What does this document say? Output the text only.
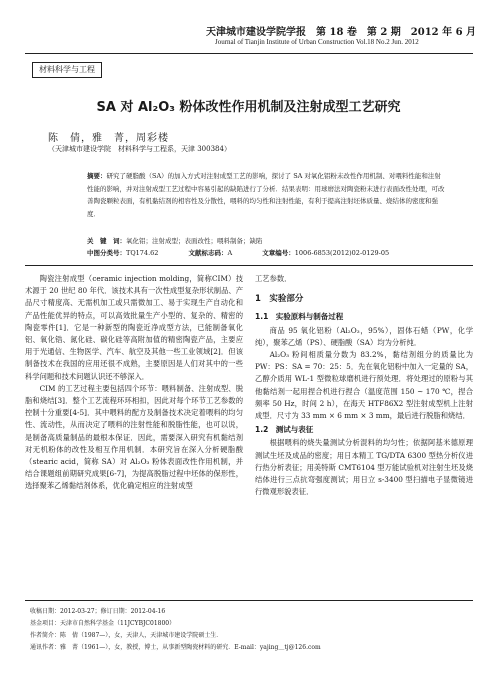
天津城市建设学院学报　第 18 卷　第 2 期　2012 年 6 月
Journal of Tianjin Institute of Urban Construction Vol.18 No.2 Jun. 2012
材料科学与工程
SA 对 Al₂O₃ 粉体改性作用机制及注射成型工艺研究
陈　倩，雅　菁，周彩楼
（天津城市建设学院　材料科学与工程系，天津 300384）
摘要：研究了硬脂酸（SA）的加入方式对注射成型工艺的影响，探讨了 SA 对氧化铝粉末改性作用机制、对喂料性能和注射性能的影响，并对注射成型工艺过程中容易引起的缺陷进行了分析．结果表明：用球磨法对陶瓷粉末进行表面改性处理，可改善陶瓷颗粒表面，有机黏结剂的相容性及分散性，喂料的均匀性和注射性能，有利于提高注射坯体质量、烧结体的密度和强度．
关　键　词：氧化铝；注射成型；表面改性；喂料制备；缺陷
中图分类号：TQ174.62	文献标志码：A	文章编号：1006-6853(2012)02-0129-05

陶瓷注射成型（ceramic injection molding，简称CIM）技术源于 20 世纪 80 年代．该技术具有一次性成型复杂形状制品、产品尺寸精度高、无需机加工或只需微加工、易于实现生产自动化和产品性能优异的特点，可以高效批量生产小型的、复杂的、精密的陶瓷零件[1]．它是一种新型的陶瓷近净成型方法，已能制备氧化铝、氧化锆、氮化硅、碳化硅等高附加值的精密陶瓷产品，主要应用于光通信、生物医学、汽车、航空及其他一些工业领域[2]．但该制备技术在我国的应用还很不成熟，主要原因是人们对其中的一些科学问题和技术问题认识还不够深入．

CIM 的工艺过程主要包括四个环节：喂料制备、注射成型、脱脂和烧结[3]．整个工艺流程环环相扣，因此对每个环节工艺参数的控制十分重要[4-5]．其中喂料的配方及制备技术决定着喂料的均匀性、流动性，从而决定了喂料的注射性能和脱脂性能，也可以说，是制备高质量制品的最根本保证．因此，需要深入研究有机黏结剂对无机粉体的改性及相互作用机制．本研究旨在深入分析硬脂酸（stearic acid，简称 SA）对 Al₂O₃ 粉体表面改性作用机制，并结合课题组前期研究成果[6-7]，为提高脱脂过程中坯体的保形性，选择聚苯乙烯黏结剂体系，优化确定相应的注射成型

工艺参数．

1　实验部分
1.1　实验原料与制备过程

商品 95 氧化铝粉（Al₂O₃，95%），固体石蜡（PW，化学纯），聚苯乙烯（PS）、硬脂酸（SA）均为分析纯．

Al₂O₃ 粉间相质量分数为 83.2%，黏结剂组分的质量比为 PW：PS：SA = 70：25：5．先在氧化铝粉中加入一定量的 SA，乙醇介质用 WL-1 型微粒球磨机进行预处理．将处理过的原粉与其他黏结剂一起用捏合机进行捏合（温度范围 150 ~ 170 ℃，捏合频率 50 Hz，时间 2 h），在海天 HTF86X2 型注射成型机上注射成型．尺寸为 33 mm × 6 mm × 3 mm，最后进行脱脂和烧结．

1.2　测试与表征

根据喂料的烧失量测试分析混料的均匀性；依据阿基米德原理测试生坯及成品的密度；用日本精工 TG/DTA 6300 型热分析仪进行热分析表征；用美特斯 CMT6104 型万能试验机对注射生坯及烧结体进行三点抗弯强度测试；用日立 s-3400 型扫描电子显微镜进行微观形貌表征．

收稿日期：2012-03-27；修订日期：2012-04-16
基金项目：天津市自然科学基金（11JCYBJC01800）
作者简介：陈　倩（1987—），女，天津人，天津城市建设学院硕士生．
通讯作者：雅　菁（1961—），女，教授，博士，从事新型陶瓷材料的研究．E-mail：yajing＿tj@126.com
